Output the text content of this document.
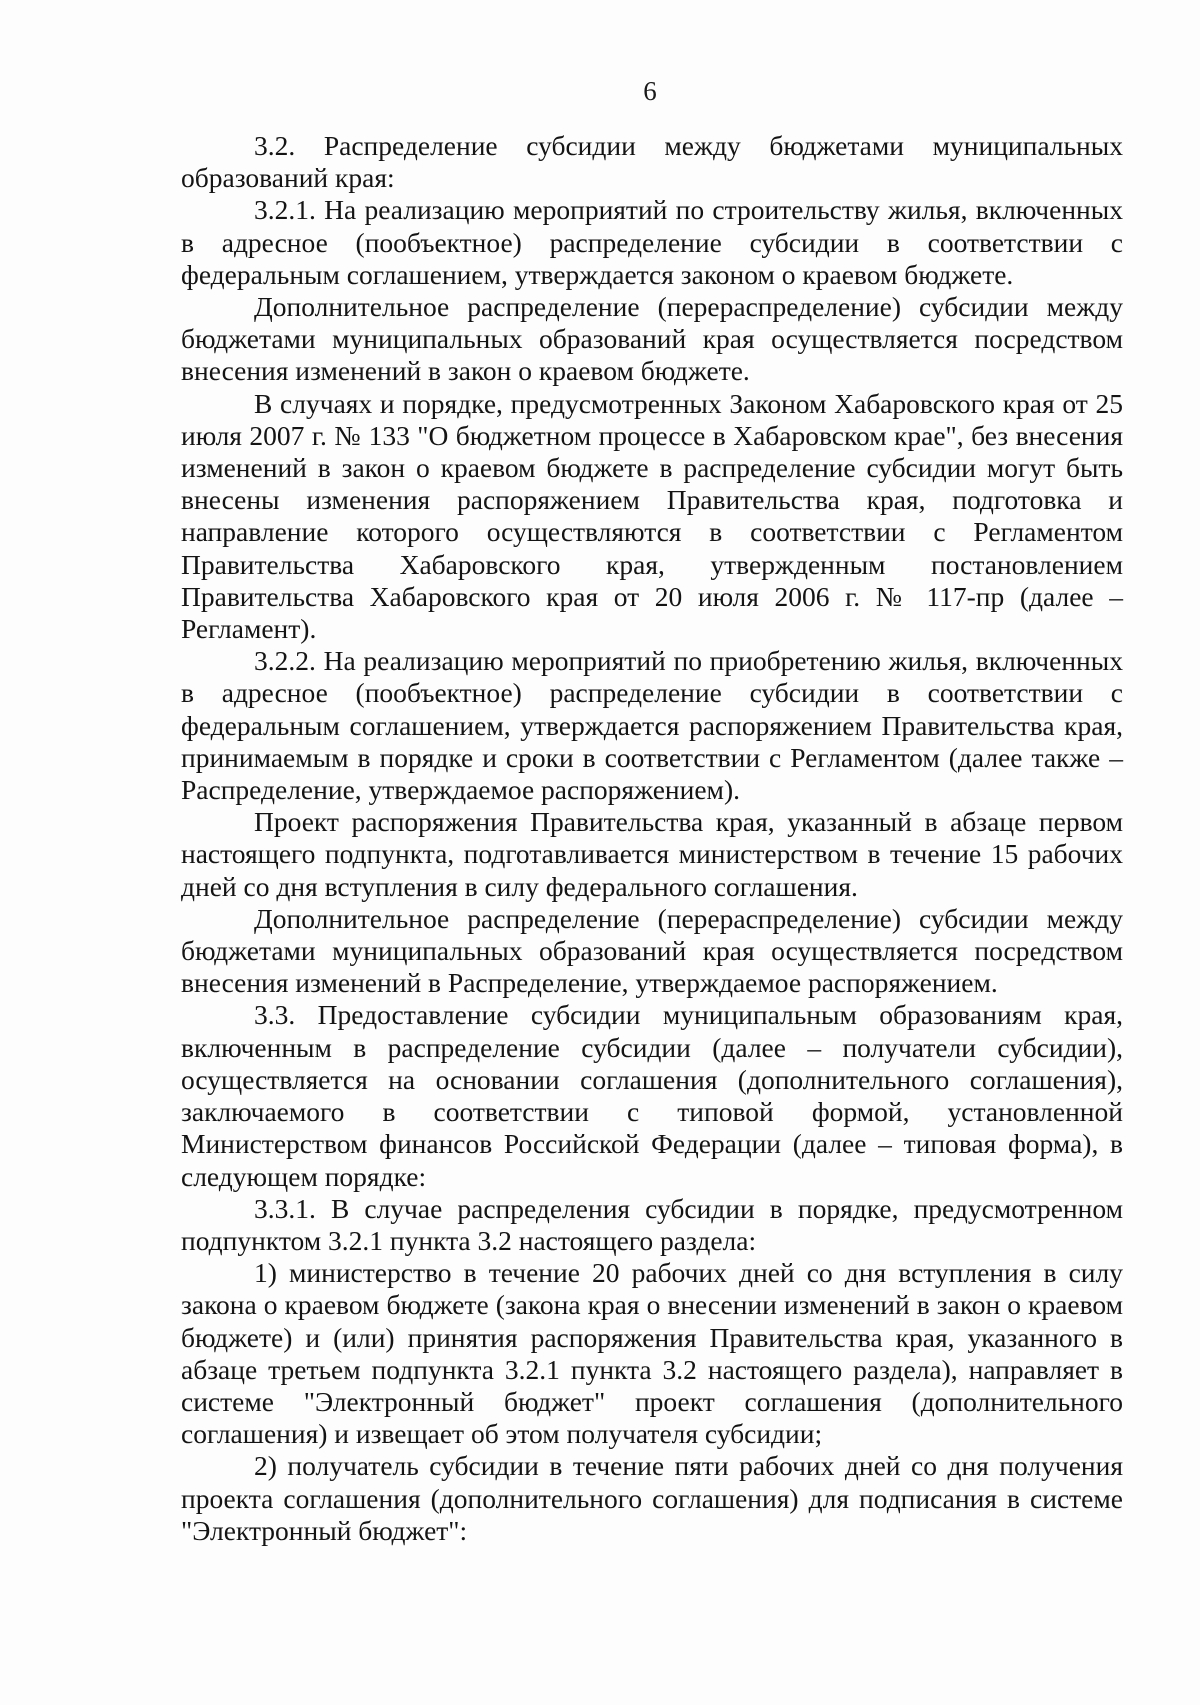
6

3.2. Распределение субсидии между бюджетами муниципальных образований края:

3.2.1. На реализацию мероприятий по строительству жилья, включенных в адресное (пообъектное) распределение субсидии в соответствии с федеральным соглашением, утверждается законом о краевом бюджете.

Дополнительное распределение (перераспределение) субсидии между бюджетами муниципальных образований края осуществляется посредством внесения изменений в закон о краевом бюджете.

В случаях и порядке, предусмотренных Законом Хабаровского края от 25 июля 2007 г. № 133 "О бюджетном процессе в Хабаровском крае", без внесения изменений в закон о краевом бюджете в распределение субсидии могут быть внесены изменения распоряжением Правительства края, подготовка и направление которого осуществляются в соответствии с Регламентом Правительства Хабаровского края, утвержденным постановлением Правительства Хабаровского края от 20 июля 2006 г. № 117-пр (далее – Регламент).

3.2.2. На реализацию мероприятий по приобретению жилья, включенных в адресное (пообъектное) распределение субсидии в соответствии с федеральным соглашением, утверждается распоряжением Правительства края, принимаемым в порядке и сроки в соответствии с Регламентом (далее также – Распределение, утверждаемое распоряжением).

Проект распоряжения Правительства края, указанный в абзаце первом настоящего подпункта, подготавливается министерством в течение 15 рабочих дней со дня вступления в силу федерального соглашения.

Дополнительное распределение (перераспределение) субсидии между бюджетами муниципальных образований края осуществляется посредством внесения изменений в Распределение, утверждаемое распоряжением.

3.3. Предоставление субсидии муниципальным образованиям края, включенным в распределение субсидии (далее – получатели субсидии), осуществляется на основании соглашения (дополнительного соглашения), заключаемого в соответствии с типовой формой, установленной Министерством финансов Российской Федерации (далее – типовая форма), в следующем порядке:

3.3.1. В случае распределения субсидии в порядке, предусмотренном подпунктом 3.2.1 пункта 3.2 настоящего раздела:

1) министерство в течение 20 рабочих дней со дня вступления в силу закона о краевом бюджете (закона края о внесении изменений в закон о краевом бюджете) и (или) принятия распоряжения Правительства края, указанного в абзаце третьем подпункта 3.2.1 пункта 3.2 настоящего раздела), направляет в системе "Электронный бюджет" проект соглашения (дополнительного соглашения) и извещает об этом получателя субсидии;

2) получатель субсидии в течение пяти рабочих дней со дня получения проекта соглашения (дополнительного соглашения) для подписания в системе "Электронный бюджет":
